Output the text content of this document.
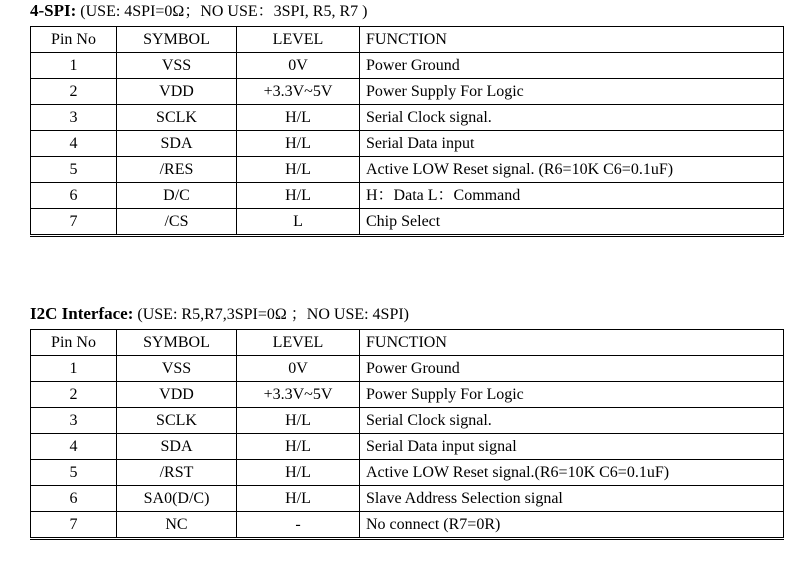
4-SPI: (USE: 4SPI=0Ω；NO USE：3SPI, R5, R7 )
Pin No	SYMBOL	LEVEL	FUNCTION
1	VSS	0V	Power Ground
2	VDD	+3.3V~5V	Power Supply For Logic
3	SCLK	H/L	Serial Clock signal.
4	SDA	H/L	Serial Data input
5	/RES	H/L	Active LOW Reset signal. (R6=10K C6=0.1uF)
6	D/C	H/L	H：Data L：Command
7	/CS	L	Chip Select
I2C Interface: (USE: R5,R7,3SPI=0Ω ；NO USE: 4SPI)
Pin No	SYMBOL	LEVEL	FUNCTION
1	VSS	0V	Power Ground
2	VDD	+3.3V~5V	Power Supply For Logic
3	SCLK	H/L	Serial Clock signal.
4	SDA	H/L	Serial Data input signal
5	/RST	H/L	Active LOW Reset signal.(R6=10K C6=0.1uF)
6	SA0(D/C)	H/L	Slave Address Selection signal
7	NC	-	No connect (R7=0R)
